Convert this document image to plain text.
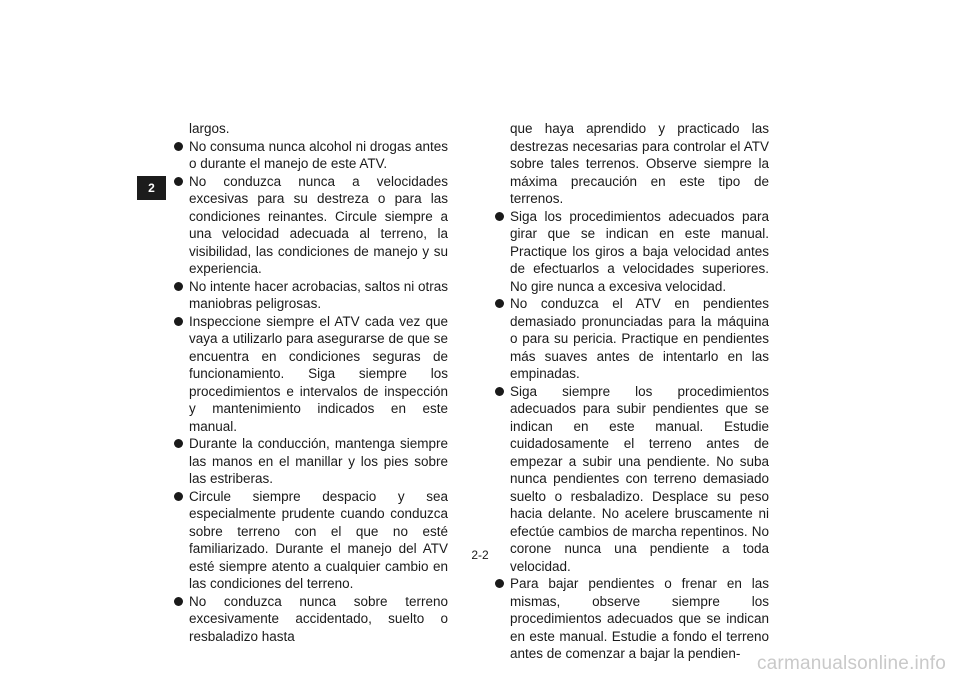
2
largos.
No consuma nunca alcohol ni drogas antes o durante el manejo de este ATV.
No conduzca nunca a velocidades excesivas para su destreza o para las condiciones reinantes. Circule siempre a una velocidad adecuada al terreno, la visibilidad, las condiciones de manejo y su experiencia.
No intente hacer acrobacias, saltos ni otras maniobras peligrosas.
Inspeccione siempre el ATV cada vez que vaya a utilizarlo para asegurarse de que se encuentra en condiciones seguras de funcionamiento. Siga siempre los procedimientos e intervalos de inspección y mantenimiento indicados en este manual.
Durante la conducción, mantenga siempre las manos en el manillar y los pies sobre las estriberas.
Circule siempre despacio y sea especialmente prudente cuando conduzca sobre terreno con el que no esté familiarizado. Durante el manejo del ATV esté siempre atento a cualquier cambio en las condiciones del terreno.
No conduzca nunca sobre terreno excesivamente accidentado, suelto o resbaladizo hasta
que haya aprendido y practicado las destrezas necesarias para controlar el ATV sobre tales terrenos. Observe siempre la máxima precaución en este tipo de terrenos.
Siga los procedimientos adecuados para girar que se indican en este manual. Practique los giros a baja velocidad antes de efectuarlos a velocidades superiores. No gire nunca a excesiva velocidad.
No conduzca el ATV en pendientes demasiado pronunciadas para la máquina o para su pericia. Practique en pendientes más suaves antes de intentarlo en las empinadas.
Siga siempre los procedimientos adecuados para subir pendientes que se indican en este manual. Estudie cuidadosamente el terreno antes de empezar a subir una pendiente. No suba nunca pendientes con terreno demasiado suelto o resbaladizo. Desplace su peso hacia delante. No acelere bruscamente ni efectúe cambios de marcha repentinos. No corone nunca una pendiente a toda velocidad.
Para bajar pendientes o frenar en las mismas, observe siempre los procedimientos adecuados que se indican en este manual. Estudie a fondo el terreno antes de comenzar a bajar la pendien-
2-2
carmanualsonline.info
